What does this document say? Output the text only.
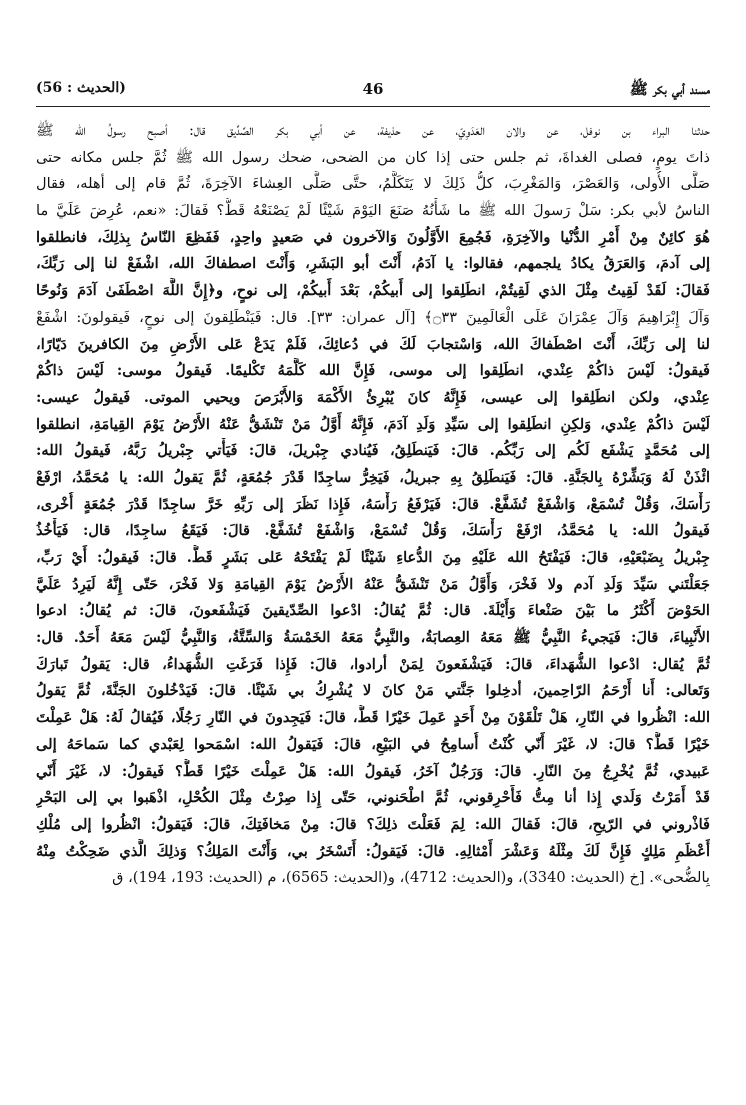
مسند أبي بكر ﷺ
46
(الحديث : 56)
حدثنا البراء بن نوفل، عن والان العَدَوِيّ، عن حذيفة، عن أبي بكر الصِّدِّيق قال: أصبح رسولُ الله ﷺ
ذاتَ يومٍ، فصلى الغداةَ، ثم جلس حتى إذا كان من الضحى، ضحك رسول الله ﷺ ثُمَّ جلس مكانه حتى
صَلَّى الأُولى، وَالعَصْرَ، وَالمَغْرِبَ، كلُّ ذَلِكَ لا يَتَكَلَّمُ، حتَّى صَلَّى العِشاءَ الآخِرَةَ، ثُمَّ قام إلى أهله، فقال
الناسُ لأبي بكر: سَلْ رَسولَ الله ﷺ ما شَأْنُهُ صَنَعَ اليَوْمَ شَيْئًا لَمْ يَصْنَعْهُ قَطُّ؟ فَقالَ: «نعم، عُرِضَ عَلَيَّ ما
هُوَ كائِنٌ مِنْ أَمْرِ الدُّنْيا والآخِرَةِ، فَجُمِعَ الأَوَّلُونَ وَالآخرون في صَعيدٍ واحِدٍ، فَفَظِعَ النّاسُ بِذلِكَ، فانطلقوا
إلى آدمَ، وَالعَرَقُ يكادُ يلجمهم، فقالوا: يا آدَمُ، أَنْتَ أبو البَشَرِ، وَأَنْتَ اصطفاكَ الله، اشْفَعْ لنا إلى رَبِّكَ،
فَقالَ: لَقَدْ لَقِيتُ مِثْلَ الذي لَقِيتُمْ، انطَلِقوا إلى أَبيكُمْ، بَعْدَ أَبيكُمْ، إلى نوحٍ، و﴿إِنَّ اللَّهَ اصْطَفَىٰ آدَمَ وَنُوحًا
وَآلَ إِبْرَاهِيمَ وَآلَ عِمْرَانَ عَلَى الْعَالَمِينَ ۝٣٣﴾ [آل عمران: ٣٣]. قال: فَيَنْطَلِقونَ إلى نوحٍ، فَيقولونَ: اشْفَعْ
لنا إلى رَبِّكَ، أَنْتَ اصْطَفاكَ الله، وَاسْتجابَ لَكَ في دُعائِكَ، فَلَمْ يَدَعْ عَلى الأَرْضِ مِنَ الكافرينَ دَيّارًا،
فَيقولُ: لَيْسَ ذاكُمْ عِنْدي، انطَلِقوا إلى موسى، فَإِنَّ الله كَلَّمَهُ تَكْليمًا. فَيقولُ موسى: لَيْسَ ذاكُمْ
عِنْدي، ولكن انطَلِقوا إلى عيسى، فَإِنَّهُ كانَ يُبْرِئُ الأَكْمَهَ وَالأَبْرَصَ ويحيي الموتى. فَيقولُ عيسى:
لَيْسَ ذاكُمْ عِنْدي، وَلكِنِ انطَلِقوا إلى سَيِّدِ وَلَدِ آدَمَ، فَإِنَّهُ أَوَّلُ مَنْ تَنْشَقُّ عَنْهُ الأَرْضُ يَوْمَ القِيامَةِ، انطلقوا
إلى مُحَمَّدٍ يَشْفَع لَكُم إلى رَبِّكُم. قالَ: فَيَنطَلِقُ، فَيُنادي جِبْريلَ، قالَ: فَيَأْتي جِبْريلُ رَبَّهُ، فَيقولُ الله:
ائْذَنْ لَهُ وَبَشِّرْهُ بِالجَنَّةِ. قالَ: فَيَنطَلِقُ بِهِ جبريلُ، فَيَخِرُّ ساجِدًا قَدْرَ جُمُعَةٍ، ثُمَّ يَقولُ الله: يا مُحَمَّدُ، ارْفَعْ
رَأْسَكَ، وَقُلْ تُسْمَعْ، وَاشْفَعْ تُشَفَّعْ. قالَ: فَيَرْفَعُ رَأْسَهُ، فَإِذا نَظَرَ إلى رَبِّهِ خَرَّ ساجِدًا قَدْرَ جُمُعَةٍ أُخْرى،
فَيقولُ الله: يا مُحَمَّدُ، ارْفَعْ رَأْسَكَ، وَقُلْ تُسْمَعْ، وَاشْفَعْ تُشَفَّعْ. قالَ: فَيَقَعُ ساجِدًا، قال: فَيَأْخُذُ
جِبْريلُ بِضَبْعَيْهِ، قالَ: فَيَفْتَحُ الله عَلَيْهِ مِنَ الدُّعاءِ شَيْئًا لَمْ يَفْتَحْهُ عَلى بَشَرٍ قَطُّ. قالَ: فَيقولُ: أَيْ رَبِّ،
جَعَلْتَني سَيِّدَ وَلَدِ آدم ولا فَخْرَ، وَأَوَّلُ مَنْ تَنْشَقُّ عَنْهُ الأَرْضُ يَوْمَ القِيامَةِ وَلا فَخْرَ، حَتّى إِنَّهُ لَيَرِدُ عَلَيَّ
الحَوْضَ أَكْثَرُ ما بَيْنَ صَنْعاءَ وَأَيْلَةَ. قال: ثُمَّ يُقالُ: ادْعوا الصِّدّيقينَ فَيَشْفَعونَ، قالَ: ثم يُقالُ: ادعوا
الأَنْبِياءَ، قالَ: فَيَجيءُ النَّبِيُّ ﷺ مَعَهُ العِصابَةُ، والنَّبِيُّ مَعَهُ الخَمْسَةُ وَالسِّتَّةُ، وَالنَّبِيُّ لَيْسَ مَعَهُ أَحَدٌ. قال:
ثُمَّ يُقال: ادْعوا الشُّهَداءَ، قالَ: فَيَشْفَعونَ لِمَنْ أرادوا، قالَ: فَإِذا فَرَغَتِ الشُّهَداءُ، قال: يَقولُ تَبارَكَ
وَتَعالى: أَنا أَرْحَمُ الرّاحِمينَ، أدخِلوا جَنَّتي مَنْ كانَ لا يُشْرِكُ بي شَيْئًا. قالَ: فَيَدْخُلونَ الجَنَّةَ، ثُمَّ يَقولُ
الله: انْظُروا في النّارِ، هَلْ تَلْقَوْنَ مِنْ أَحَدٍ عَمِلَ خَيْرًا قَطُّ، قالَ: فَيَجِدونَ في النّارِ رَجُلًا، فَيُقالُ لَهُ: هَلْ عَمِلْتَ
خَيْرًا قَطُّ؟ قالَ: لا، غَيْرَ أَنّي كُنْتُ أُسامِحُ في البَيْعِ، قالَ: فَيَقولُ الله: اسْمَحوا لِعَبْدي كما سَماحَهُ إلى
عَبيدي، ثُمَّ يُخْرِجُ مِنَ النّارِ. قالَ: وَرَجُلٌ آخَرُ، فَيقولُ الله: هَلْ عَمِلْتَ خَيْرًا قَطُّ؟ فَيقولُ: لا، غَيْرَ أَنّي
قَدْ أَمَرْتُ وَلَدي إِذا أنا مِتُّ فَأَحْرِقوني، ثُمَّ اطْحَنوني، حَتّى إِذا صِرْتُ مِثْلَ الكُحْلِ، اذْهَبوا بي إلى البَحْرِ
فَاذْروني في الرّيحِ، قالَ: فَقالَ الله: لِمَ فَعَلْتَ ذلِكَ؟ قالَ: مِنْ مَخافَتِكَ، قالَ: فَيَقولُ: انْظُروا إلى مُلْكِ
أَعْظَمِ مَلِكٍ فَإِنَّ لَكَ مِثْلَهُ وَعَشْرَ أَمْثالِهِ. قالَ: فَيَقولُ: أَتَسْخَرُ بي، وَأَنْتَ المَلِكُ؟ وَذلِكَ الَّذي ضَحِكْتُ مِنْهُ
بِالضُّحى». [خ (الحديث: 3340)، و(الحديث: 4712)، و(الحديث: 6565)، م (الحديث: 193، 194)، ق
